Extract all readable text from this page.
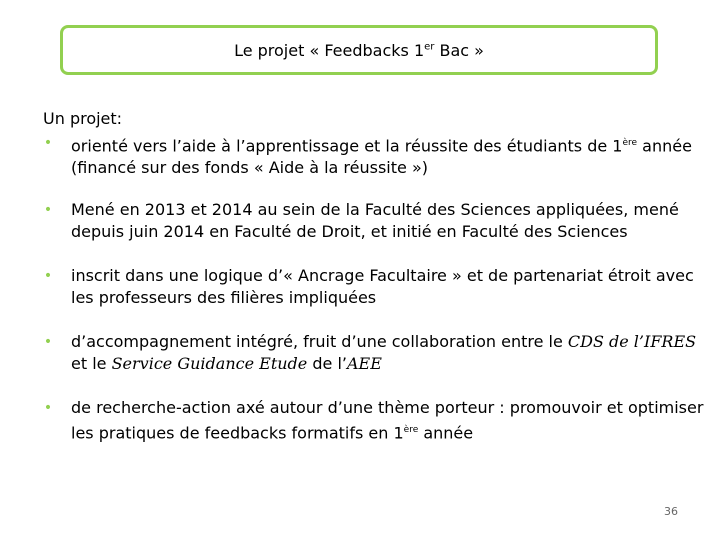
Le projet « Feedbacks 1er Bac »

Un projet:

• orienté vers l’aide à l’apprentissage et la réussite des étudiants de 1ère année (financé sur des fonds « Aide à la réussite »)
• Mené en 2013 et 2014 au sein de la Faculté des Sciences appliquées, mené depuis juin 2014 en Faculté de Droit, et initié en Faculté des Sciences
• inscrit dans une logique d’« Ancrage Facultaire » et de partenariat étroit avec les professeurs des filières impliquées
• d’accompagnement intégré, fruit d’une collaboration entre le CDS de l’IFRES et le Service Guidance Etude de l’AEE
• de recherche-action axé autour d’une thème porteur : promouvoir et optimiser les pratiques de feedbacks formatifs en 1ère année
36
